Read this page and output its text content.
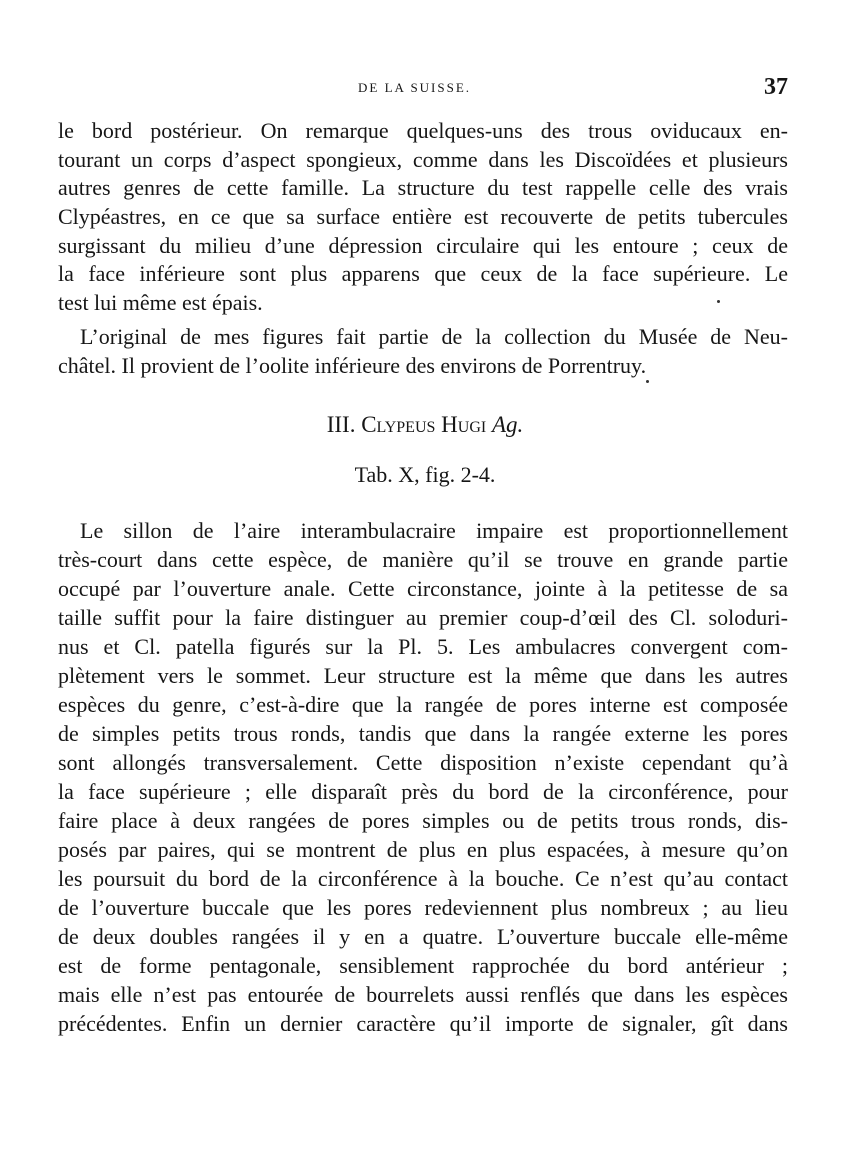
DE LA SUISSE.	37
le bord postérieur. On remarque quelques-uns des trous oviducaux en-
tourant un corps d’aspect spongieux, comme dans les Discoïdées et plusieurs
autres genres de cette famille. La structure du test rappelle celle des vrais
Clypéastres, en ce que sa surface entière est recouverte de petits tubercules
surgissant du milieu d’une dépression circulaire qui les entoure ; ceux de
la face inférieure sont plus apparens que ceux de la face supérieure. Le
test lui même est épais.
L’original de mes figures fait partie de la collection du Musée de Neu-
châtel. Il provient de l’oolite inférieure des environs de Porrentruy.
III. Clypeus Hugi Ag.
Tab. X, fig. 2-4.
Le sillon de l’aire interambulacraire impaire est proportionnellement
très-court dans cette espèce, de manière qu’il se trouve en grande partie
occupé par l’ouverture anale. Cette circonstance, jointe à la petitesse de sa
taille suffit pour la faire distinguer au premier coup-d’œil des Cl. soloduri-
nus et Cl. patella figurés sur la Pl. 5. Les ambulacres convergent com-
plètement vers le sommet. Leur structure est la même que dans les autres
espèces du genre, c’est-à-dire que la rangée de pores interne est composée
de simples petits trous ronds, tandis que dans la rangée externe les pores
sont allongés transversalement. Cette disposition n’existe cependant qu’à
la face supérieure ; elle disparaît près du bord de la circonférence, pour
faire place à deux rangées de pores simples ou de petits trous ronds, dis-
posés par paires, qui se montrent de plus en plus espacées, à mesure qu’on
les poursuit du bord de la circonférence à la bouche. Ce n’est qu’au contact
de l’ouverture buccale que les pores redeviennent plus nombreux ; au lieu
de deux doubles rangées il y en a quatre. L’ouverture buccale elle-même
est de forme pentagonale, sensiblement rapprochée du bord antérieur ;
mais elle n’est pas entourée de bourrelets aussi renflés que dans les espèces
précédentes. Enfin un dernier caractère qu’il importe de signaler, gît dans
